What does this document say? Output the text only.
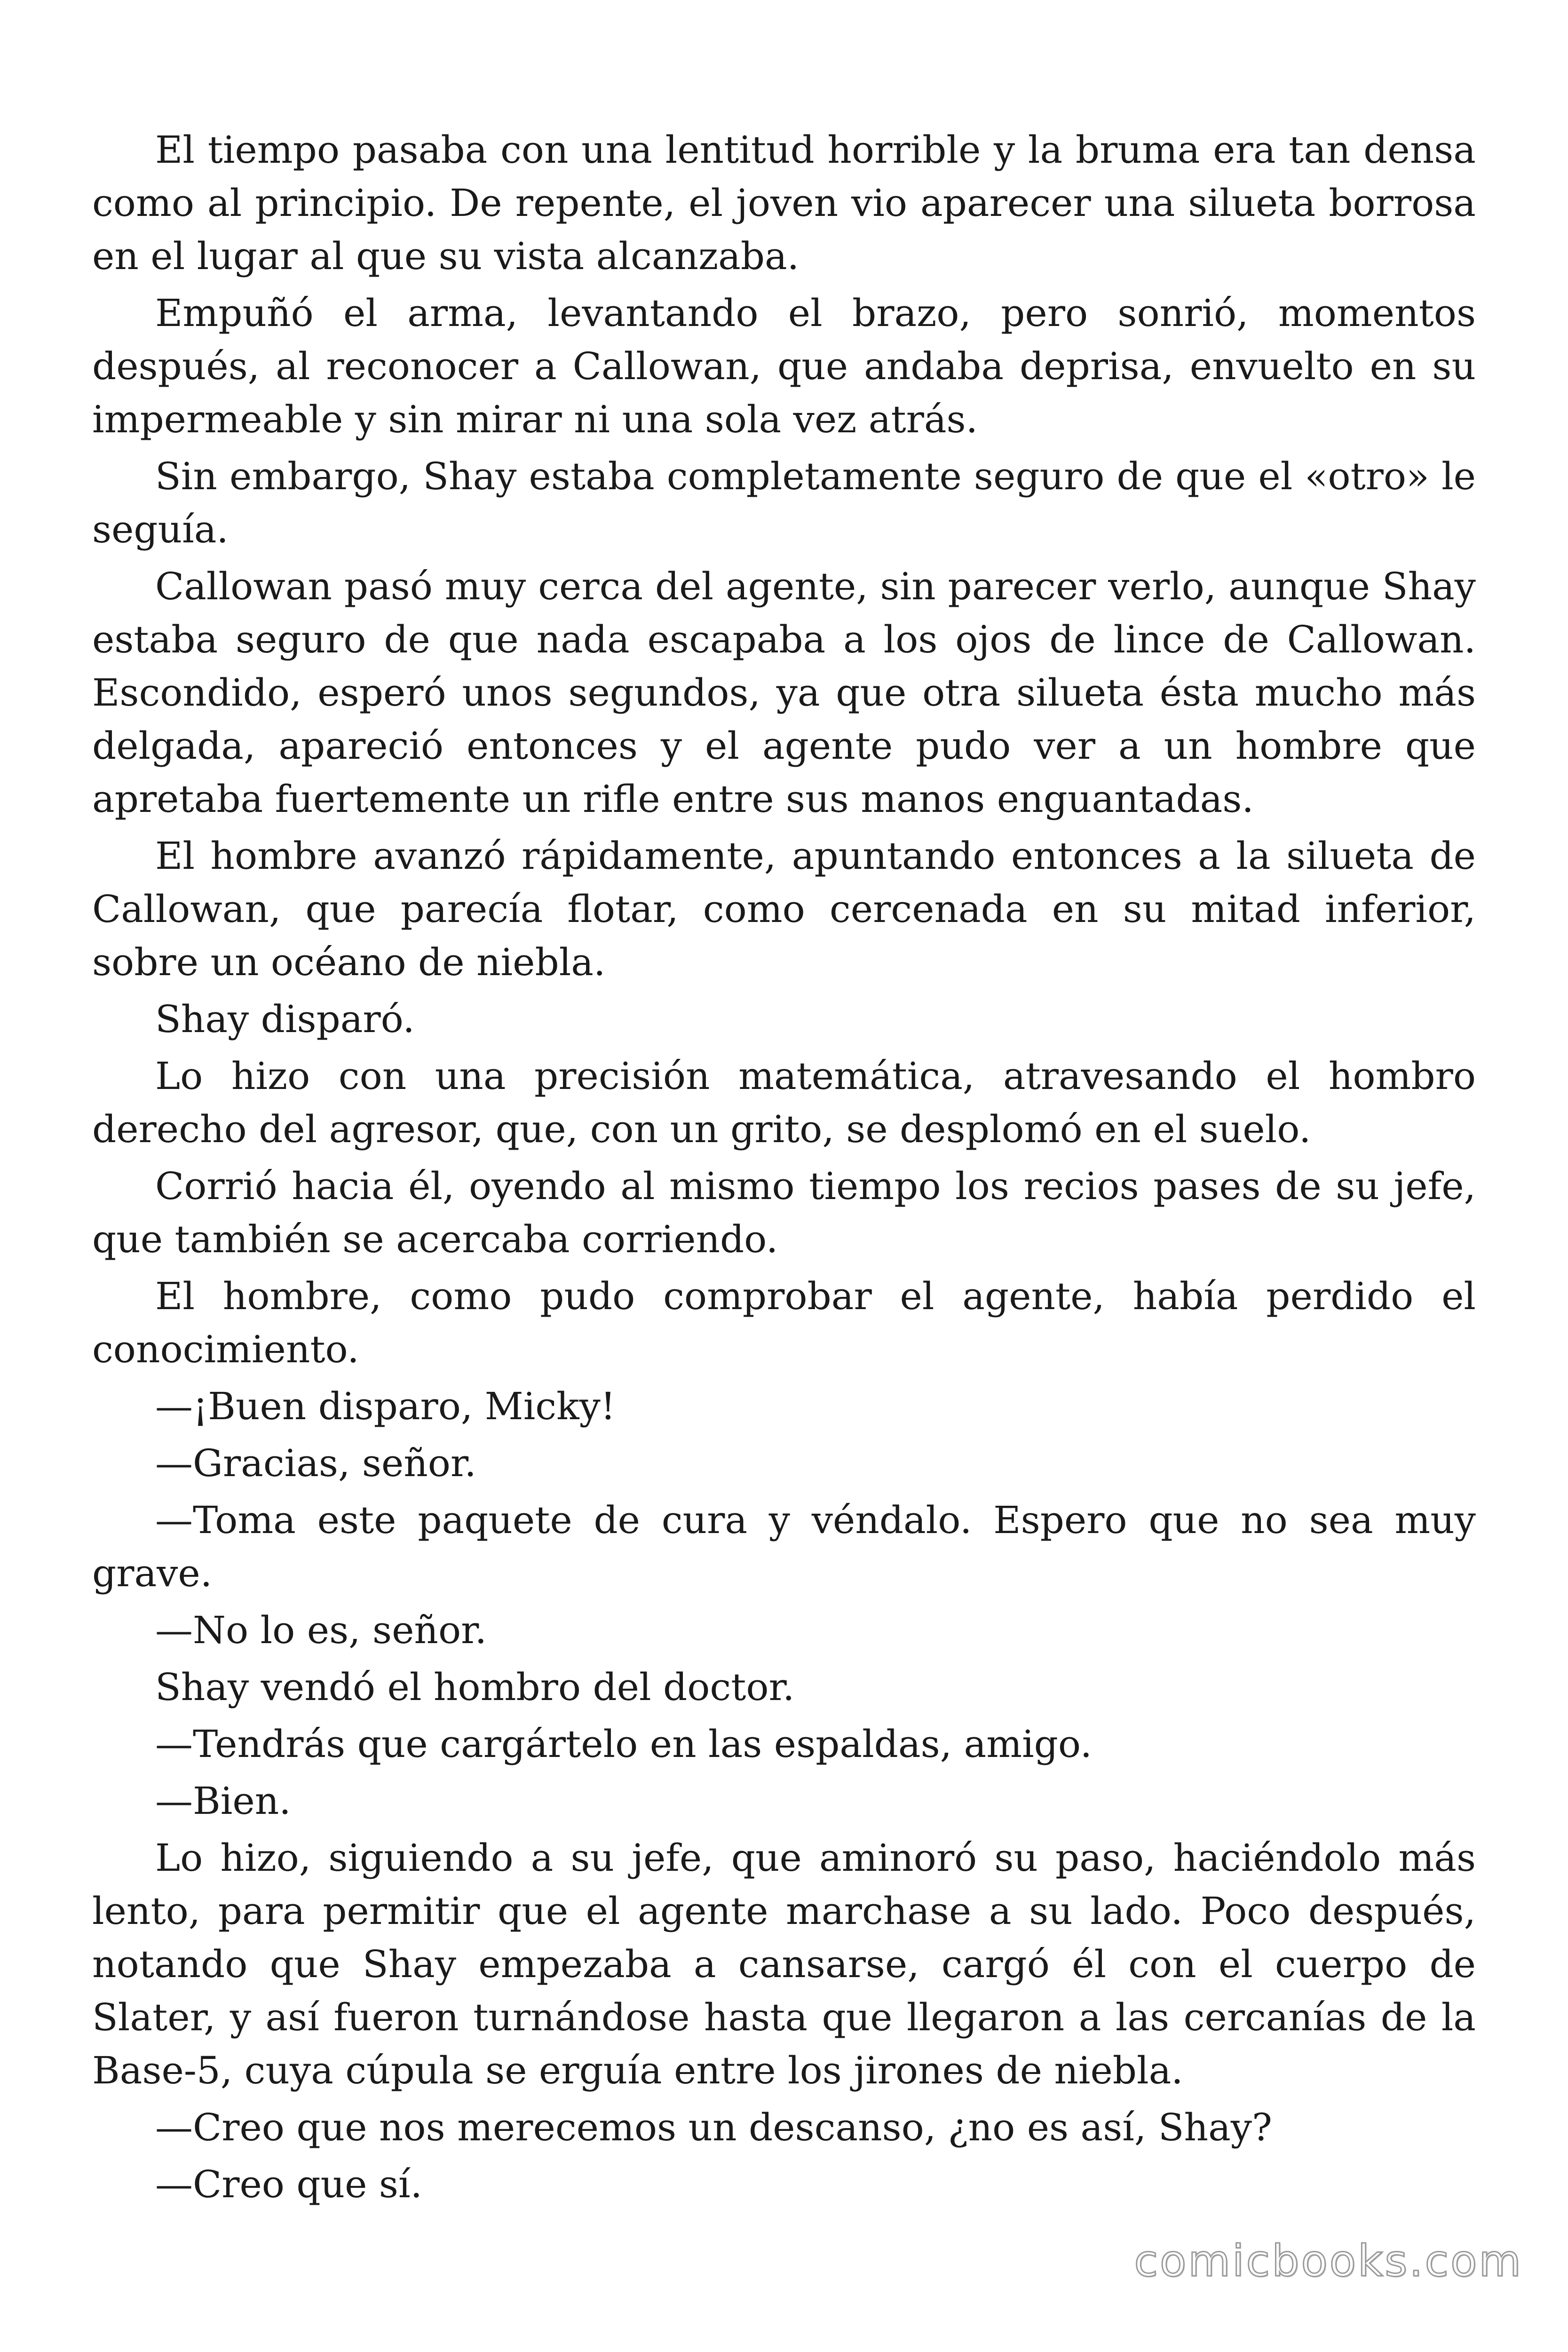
El tiempo pasaba con una lentitud horrible y la bruma era tan densa como al principio. De repente, el joven vio aparecer una silueta borrosa en el lugar al que su vista alcanzaba.

Empuñó el arma, levantando el brazo, pero sonrió, momentos después, al reconocer a Callowan, que andaba deprisa, envuelto en su impermeable y sin mirar ni una sola vez atrás.

Sin embargo, Shay estaba completamente seguro de que el «otro» le seguía.

Callowan pasó muy cerca del agente, sin parecer verlo, aunque Shay estaba seguro de que nada escapaba a los ojos de lince de Callowan. Escondido, esperó unos segundos, ya que otra silueta ésta mucho más delgada, apareció entonces y el agente pudo ver a un hombre que apretaba fuertemente un rifle entre sus manos enguantadas.

El hombre avanzó rápidamente, apuntando entonces a la silueta de Callowan, que parecía flotar, como cercenada en su mitad inferior, sobre un océano de niebla.

Shay disparó.

Lo hizo con una precisión matemática, atravesando el hombro derecho del agresor, que, con un grito, se desplomó en el suelo.

Corrió hacia él, oyendo al mismo tiempo los recios pases de su jefe, que también se acercaba corriendo.

El hombre, como pudo comprobar el agente, había perdido el conocimiento.

—¡Buen disparo, Micky!

—Gracias, señor.

—Toma este paquete de cura y véndalo. Espero que no sea muy grave.

—No lo es, señor.

Shay vendó el hombro del doctor.

—Tendrás que cargártelo en las espaldas, amigo.

—Bien.

Lo hizo, siguiendo a su jefe, que aminoró su paso, haciéndolo más lento, para permitir que el agente marchase a su lado. Poco después, notando que Shay empezaba a cansarse, cargó él con el cuerpo de Slater, y así fueron turnándose hasta que llegaron a las cercanías de la Base-5, cuya cúpula se erguía entre los jirones de niebla.

—Creo que nos merecemos un descanso, ¿no es así, Shay?

—Creo que sí.

comicbooks.com
